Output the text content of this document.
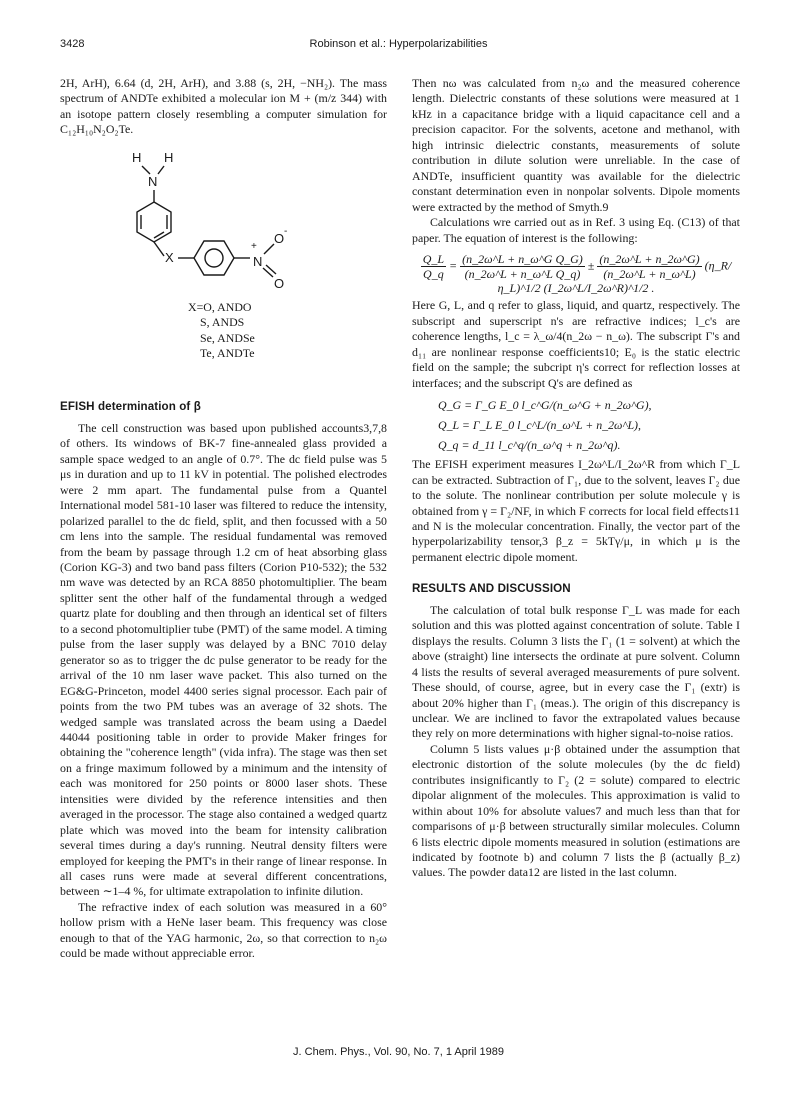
3428	Robinson et al.: Hyperpolarizabilities

2H, ArH), 6.64 (d, 2H, ArH), and 3.88 (s, 2H, −NH₂). The mass spectrum of ANDTe exhibited a molecular ion M + (m/z 344) with an isotope pattern closely resembling a computer simulation for C₁₂H₁₀N₂O₂Te.

H H
N
X
+
N
O -
O
X=O, ANDO
S, ANDS
Se, ANDSe
Te, ANDTe
EFISH determination of β

The cell construction was based upon published accounts3,7,8 of others. Its windows of BK-7 fine-annealed glass provided a sample space wedged to an angle of 0.7°. The dc field pulse was 5 μs in duration and up to 11 kV in potential. The polished electrodes were 2 mm apart. The fundamental pulse from a Quantel International model 581-10 laser was filtered to reduce the intensity, polarized parallel to the dc field, split, and then focussed with a 50 cm lens into the sample. The residual fundamental was removed from the beam by passage through 1.2 cm of heat absorbing glass (Corion KG-3) and two band pass filters (Corion P10-532); the 532 nm wave was detected by an RCA 8850 photomultiplier. The beam splitter sent the other half of the fundamental through a wedged quartz plate for doubling and then through an identical set of filters to a second photomultiplier tube (PMT) of the same model. A timing pulse from the laser supply was delayed by a BNC 7010 delay generator so as to trigger the dc pulse generator to be ready for the arrival of the 10 nm laser wave packet. This also turned on the EG&G-Princeton, model 4400 series signal processor. Each pair of points from the two PM tubes was an average of 32 shots. The wedged sample was translated across the beam using a Daedel 44044 positioning table in order to provide Maker fringes for obtaining the "coherence length" (vida infra). The stage was then set on a fringe maximum followed by a minimum and the intensity of each was monitored for 250 points or 8000 laser shots. These intensities were divided by the reference intensities and then averaged in the processor. The stage also contained a wedged quartz plate which was moved into the beam for intensity calibration several times during a day's running. Neutral density filters were employed for keeping the PMT's in their range of linear response. In all cases runs were made at several different concentrations, between ∼1–4 %, for ultimate extrapolation to infinite dilution.

The refractive index of each solution was measured in a 60° hollow prism with a HeNe laser beam. This frequency was close enough to that of the YAG harmonic, 2ω, so that correction to n₂ω could be made without appreciable error.

Then nω was calculated from n₂ω and the measured coherence length. Dielectric constants of these solutions were measured at 1 kHz in a capacitance bridge with a liquid capacitance cell and a precision capacitor. For the solvents, acetone and methanol, with high intrinsic dielectric constants, measurements of solute contribution in dilute solution were unreliable. In the case of ANDTe, insufficient quantity was available for the dielectric constant determination even in nonpolar solvents. Dipole moments were extracted by the method of Smyth.9

Calculations wre carried out as in Ref. 3 using Eq. (C13) of that paper. The equation of interest is the following:

$\frac{Q\_L}{Q\_q} = \frac{\text{(n\_2ω\textasciicircum{}L + n\_ω\textasciicircum{}G Q\_G)}}{\text{(n\_2ω\textasciicircum{}L + n\_ω\textasciicircum{}L Q\_q)}} \pm \frac{(n\_2\omega\^{}L + n\_2\omega\^{}G)}{(n\_2\omega\^{}L + n\_\omega\^{}L)}$ (η_R/η_L)^1/2 (I_2ω^L/I_2ω^R)^1/2 .

Here G, L, and q refer to glass, liquid, and quartz, respectively. The subscript and superscript n's are refractive indices; l_c's are coherence lengths, l_c = λ_ω/4(n_2ω − n_ω). The subscript Γ's and d₁₁ are nonlinear response coefficients10; E₀ is the static electric field on the sample; the subcript η's correct for reflection losses at interfaces; and the subscript Q's are defined as

Q_G = Γ_G E_0 l_c^G/(n_ω^G + n_2ω^G),
Q_L = Γ_L E_0 l_c^L/(n_ω^L + n_2ω^L),
Q_q = d_11 l_c^q/(n_ω^q + n_2ω^q).

The EFISH experiment measures I_2ω^L/I_2ω^R from which Γ_L can be extracted. Subtraction of Γ₁, due to the solvent, leaves Γ₂ due to the solute. The nonlinear contribution per solute molecule γ is obtained from γ = Γ₂/NF, in which F corrects for local field effects11 and N is the molecular concentration. Finally, the vector part of the hyperpolarizability tensor,3 β_z = 5kTγ/μ, in which μ is the permanent electric dipole moment.

RESULTS AND DISCUSSION

The calculation of total bulk response Γ_L was made for each solution and this was plotted against concentration of solute. Table I displays the results. Column 3 lists the Γ₁ (1 = solvent) at which the above (straight) line intersects the ordinate at pure solvent. Column 4 lists the results of several averaged measurements of pure solvent. These should, of course, agree, but in every case the Γ₁ (extr) is about 20% higher than Γ₁ (meas.). The origin of this discrepancy is unclear. We are inclined to favor the extrapolated values because they rely on more determinations with higher signal-to-noise ratios.

Column 5 lists values μ·β obtained under the assumption that electronic distortion of the solute molecules (by the dc field) contributes insignificantly to Γ₂ (2 = solute) compared to electric dipolar alignment of the molecules. This approximation is valid to within about 10% for absolute values7 and much less than that for comparisons of μ·β between structurally similar molecules. Column 6 lists electric dipole moments measured in solution (estimations are indicated by footnote b) and column 7 lists the β (actually β_z) values. The powder data12 are listed in the last column.

J. Chem. Phys., Vol. 90, No. 7, 1 April 1989
